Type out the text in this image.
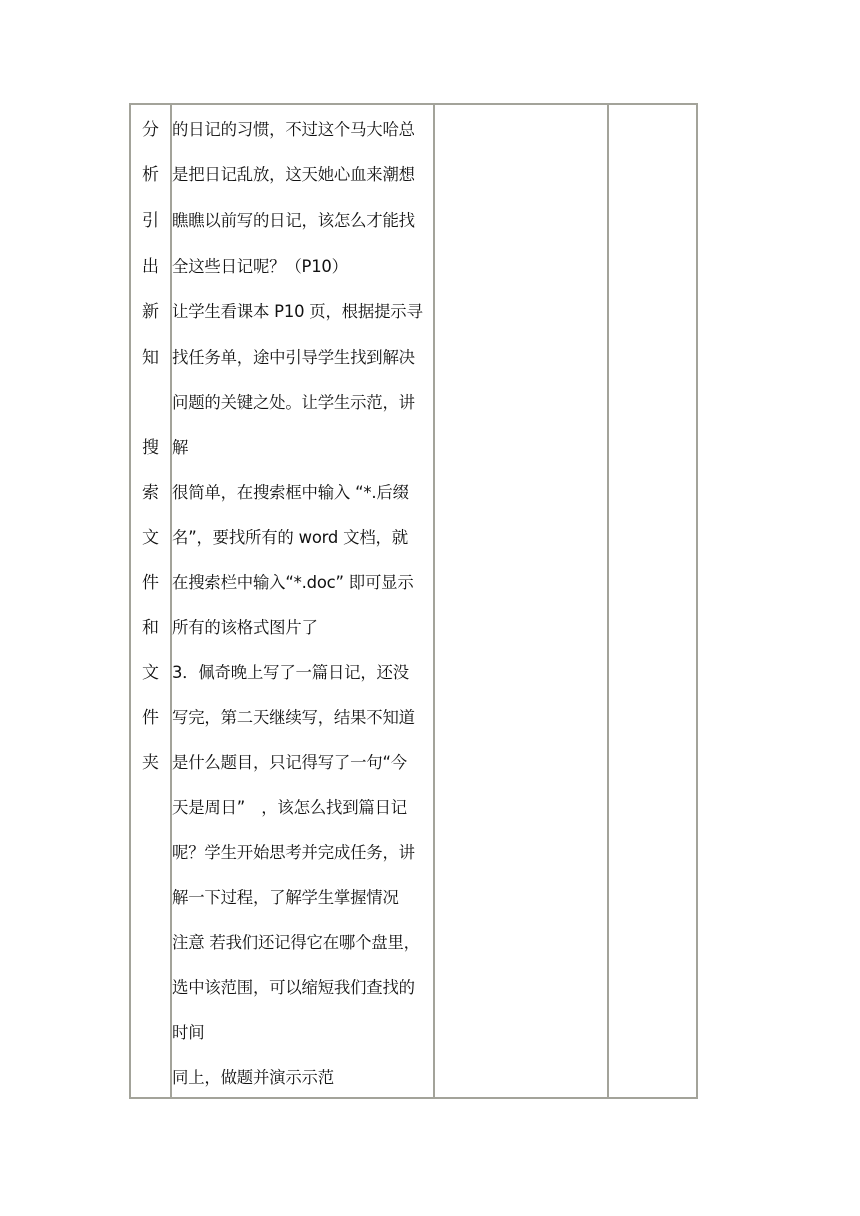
分
析
引
出
新
知
搜
索
文
件
和
文
件
夹
的日记的习惯，不过这个马大哈总
是把日记乱放，这天她心血来潮想
瞧瞧以前写的日记，该怎么才能找
全这些日记呢？（P10）
让学生看课本 P10 页，根据提示寻
找任务单，途中引导学生找到解决
问题的关键之处。让学生示范，讲
解
很简单，在搜索框中输入 “*.后缀
名”，要找所有的 word 文档，就
在搜索栏中输入“*.doc” 即可显示
所有的该格式图片了
3．佩奇晚上写了一篇日记，还没
写完，第二天继续写，结果不知道
是什么题目，只记得写了一句“今
天是周日”　，该怎么找到篇日记
呢？学生开始思考并完成任务，讲
解一下过程，了解学生掌握情况
注意 若我们还记得它在哪个盘里，
选中该范围，可以缩短我们查找的
时间
同上，做题并演示示范
